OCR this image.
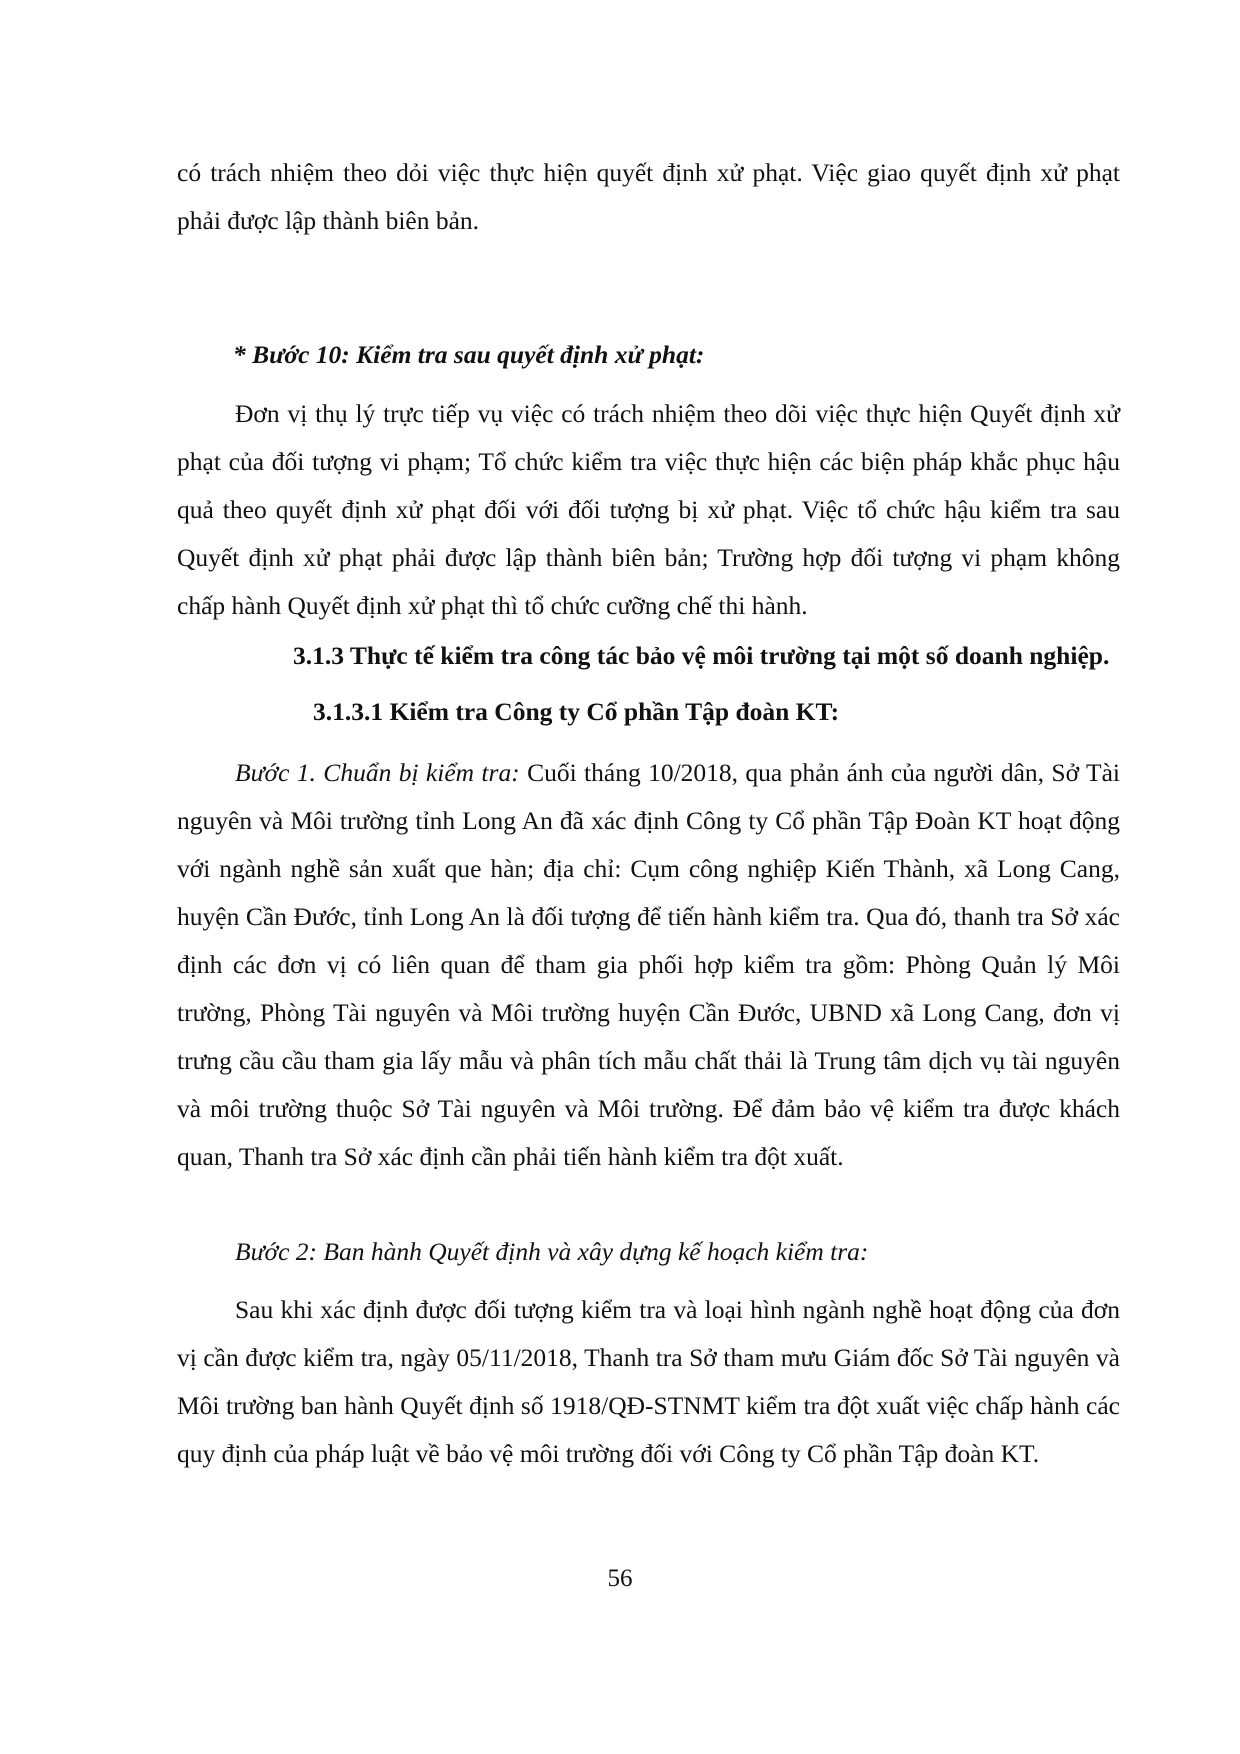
có trách nhiệm theo dỏi việc thực hiện quyết định xử phạt. Việc giao quyết định xử phạt phải được lập thành biên bản.

* Bước 10: Kiểm tra sau quyết định xử phạt:

Đơn vị thụ lý trực tiếp vụ việc có trách nhiệm theo dõi việc thực hiện Quyết định xử phạt của đối tượng vi phạm; Tổ chức kiểm tra việc thực hiện các biện pháp khắc phục hậu quả theo quyết định xử phạt đối với đối tượng bị xử phạt. Việc tổ chức hậu kiểm tra sau Quyết định xử phạt phải được lập thành biên bản; Trường hợp đối tượng vi phạm không chấp hành Quyết định xử phạt thì tổ chức cưỡng chế thi hành.

3.1.3 Thực tế kiểm tra công tác bảo vệ môi trường tại một số doanh nghiệp.

3.1.3.1 Kiểm tra Công ty Cổ phần Tập đoàn KT:

Bước 1. Chuẩn bị kiểm tra: Cuối tháng 10/2018, qua phản ánh của người dân, Sở Tài nguyên và Môi trường tỉnh Long An đã xác định Công ty Cổ phần Tập Đoàn KT hoạt động với ngành nghề sản xuất que hàn; địa chỉ: Cụm công nghiệp Kiến Thành, xã Long Cang, huyện Cần Đước, tỉnh Long An là đối tượng để tiến hành kiểm tra. Qua đó, thanh tra Sở xác định các đơn vị có liên quan để tham gia phối hợp kiểm tra gồm: Phòng Quản lý Môi trường, Phòng Tài nguyên và Môi trường huyện Cần Đước, UBND xã Long Cang, đơn vị trưng cầu cầu tham gia lấy mẫu và phân tích mẫu chất thải là Trung tâm dịch vụ tài nguyên và môi trường thuộc Sở Tài nguyên và Môi trường. Để đảm bảo vệ kiểm tra được khách quan, Thanh tra Sở xác định cần phải tiến hành kiểm tra đột xuất.

Bước 2: Ban hành Quyết định và xây dựng kế hoạch kiểm tra:

Sau khi xác định được đối tượng kiểm tra và loại hình ngành nghề hoạt động của đơn vị cần được kiểm tra, ngày 05/11/2018, Thanh tra Sở tham mưu Giám đốc Sở Tài nguyên và Môi trường ban hành Quyết định số 1918/QĐ-STNMT kiểm tra đột xuất việc chấp hành các quy định của pháp luật về bảo vệ môi trường đối với Công ty Cổ phần Tập đoàn KT.

56
